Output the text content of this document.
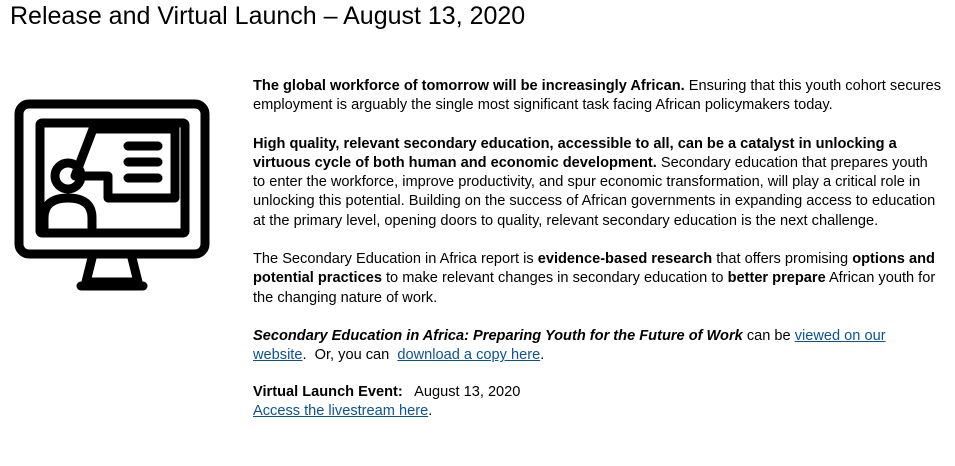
Release and Virtual Launch – August 13, 2020

The global workforce of tomorrow will be increasingly African. Ensuring that this youth cohort secures employment is arguably the single most significant task facing African policymakers today.

High quality, relevant secondary education, accessible to all, can be a catalyst in unlocking a virtuous cycle of both human and economic development. Secondary education that prepares youth to enter the workforce, improve productivity, and spur economic transformation, will play a critical role in unlocking this potential. Building on the success of African governments in expanding access to education at the primary level, opening doors to quality, relevant secondary education is the next challenge.

The Secondary Education in Africa report is evidence-based research that offers promising options and potential practices to make relevant changes in secondary education to better prepare African youth for the changing nature of work.

Secondary Education in Africa: Preparing Youth for the Future of Work can be viewed on our website.  Or, you can  download a copy here.

Virtual Launch Event:   August 13, 2020
Access the livestream here.
